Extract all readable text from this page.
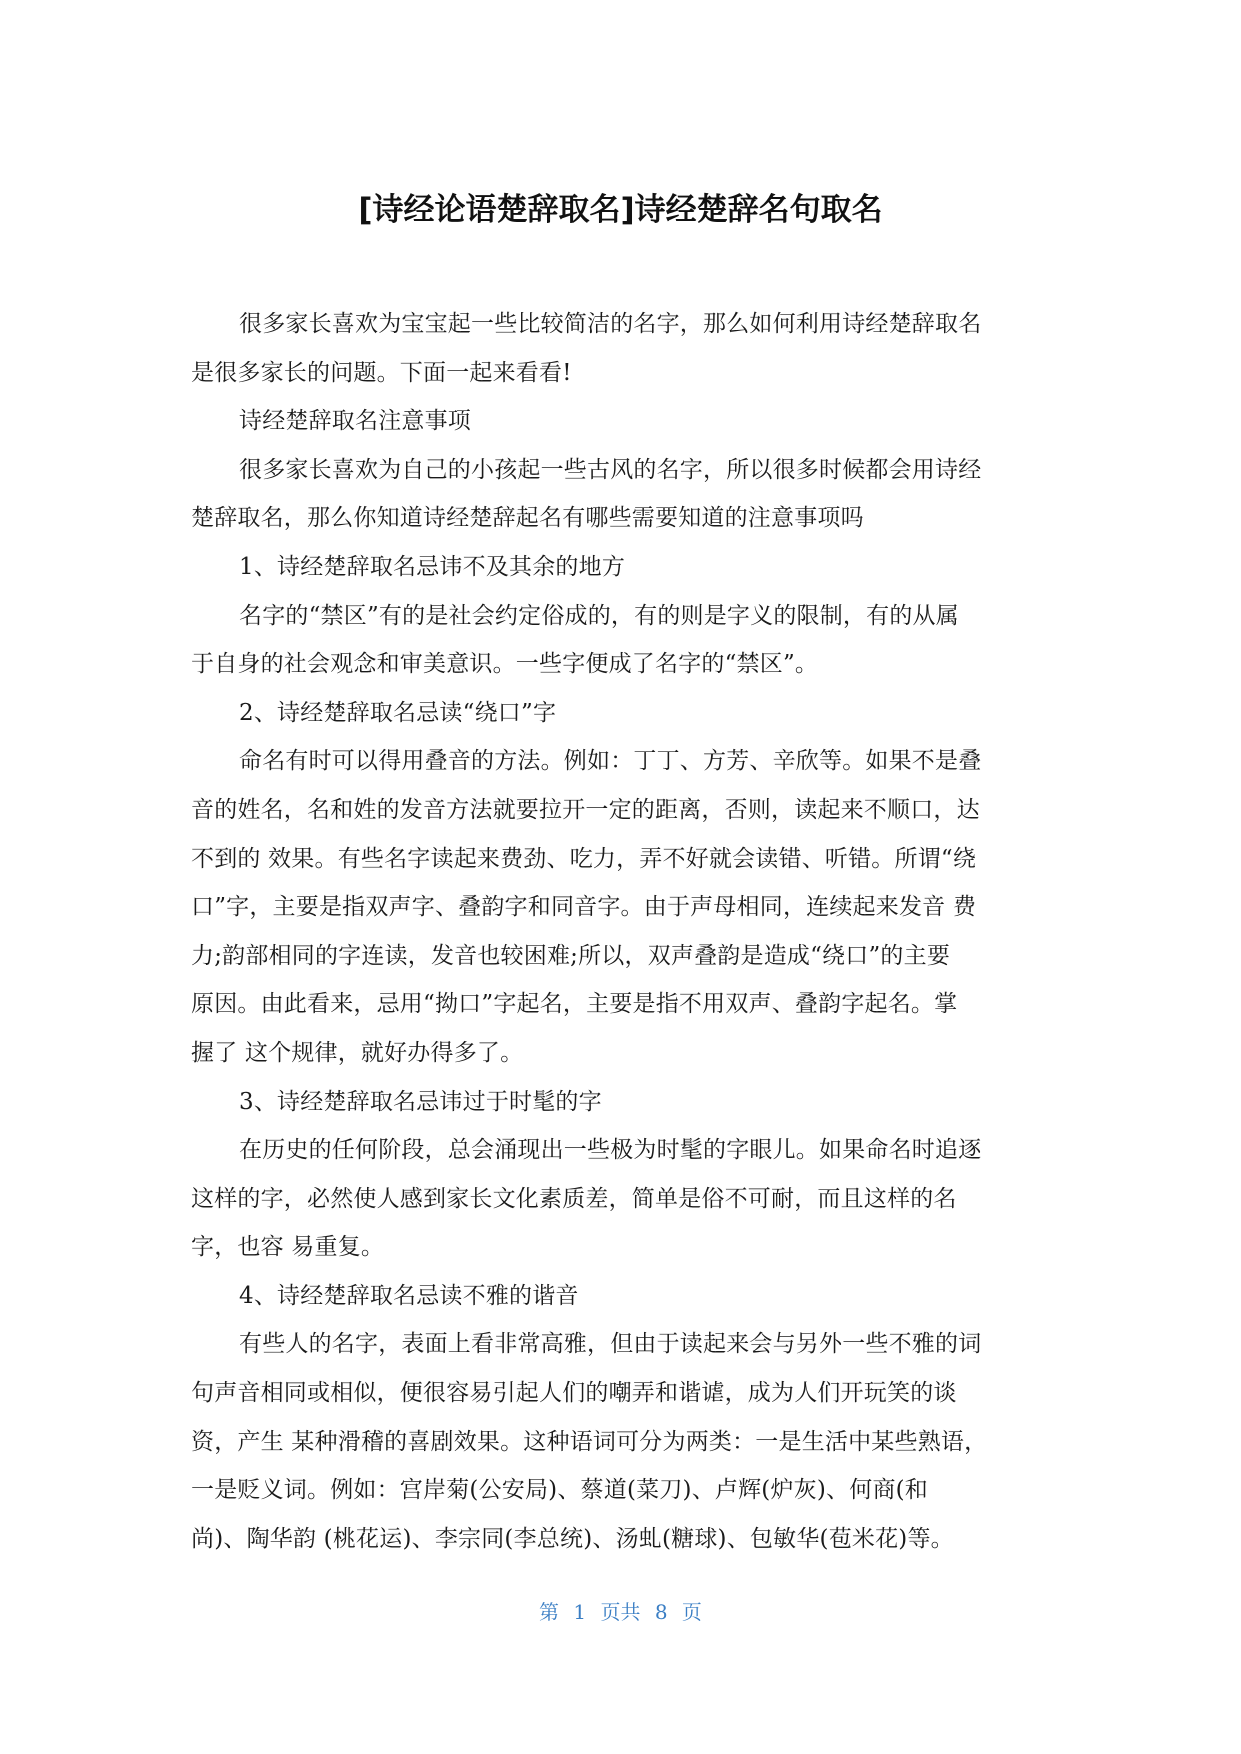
[诗经论语楚辞取名]诗经楚辞名句取名
很多家长喜欢为宝宝起一些比较简洁的名字，那么如何利用诗经楚辞取名
是很多家长的问题。下面一起来看看!
诗经楚辞取名注意事项
很多家长喜欢为自己的小孩起一些古风的名字，所以很多时候都会用诗经
楚辞取名，那么你知道诗经楚辞起名有哪些需要知道的注意事项吗
1、诗经楚辞取名忌讳不及其余的地方
名字的“禁区”有的是社会约定俗成的，有的则是字义的限制，有的从属
于自身的社会观念和审美意识。一些字便成了名字的“禁区”。
2、诗经楚辞取名忌读“绕口”字
命名有时可以得用叠音的方法。例如：丁丁、方芳、辛欣等。如果不是叠
音的姓名，名和姓的发音方法就要拉开一定的距离，否则，读起来不顺口，达
不到的 效果。有些名字读起来费劲、吃力，弄不好就会读错、听错。所谓“绕
口”字，主要是指双声字、叠韵字和同音字。由于声母相同，连续起来发音 费
力;韵部相同的字连读，发音也较困难;所以，双声叠韵是造成“绕口”的主要
原因。由此看来，忌用“拗口”字起名，主要是指不用双声、叠韵字起名。掌
握了 这个规律，就好办得多了。
3、诗经楚辞取名忌讳过于时髦的字
在历史的任何阶段，总会涌现出一些极为时髦的字眼儿。如果命名时追逐
这样的字，必然使人感到家长文化素质差，简单是俗不可耐，而且这样的名
字，也容 易重复。
4、诗经楚辞取名忌读不雅的谐音
有些人的名字，表面上看非常高雅，但由于读起来会与另外一些不雅的词
句声音相同或相似，便很容易引起人们的嘲弄和谐谑，成为人们开玩笑的谈
资，产生 某种滑稽的喜剧效果。这种语词可分为两类：一是生活中某些熟语，
一是贬义词。例如：宫岸菊(公安局)、蔡道(菜刀)、卢辉(炉灰)、何商(和
尚)、陶华韵 (桃花运)、李宗同(李总统)、汤虬(糖球)、包敏华(苞米花)等。
第 1 页共 8 页
